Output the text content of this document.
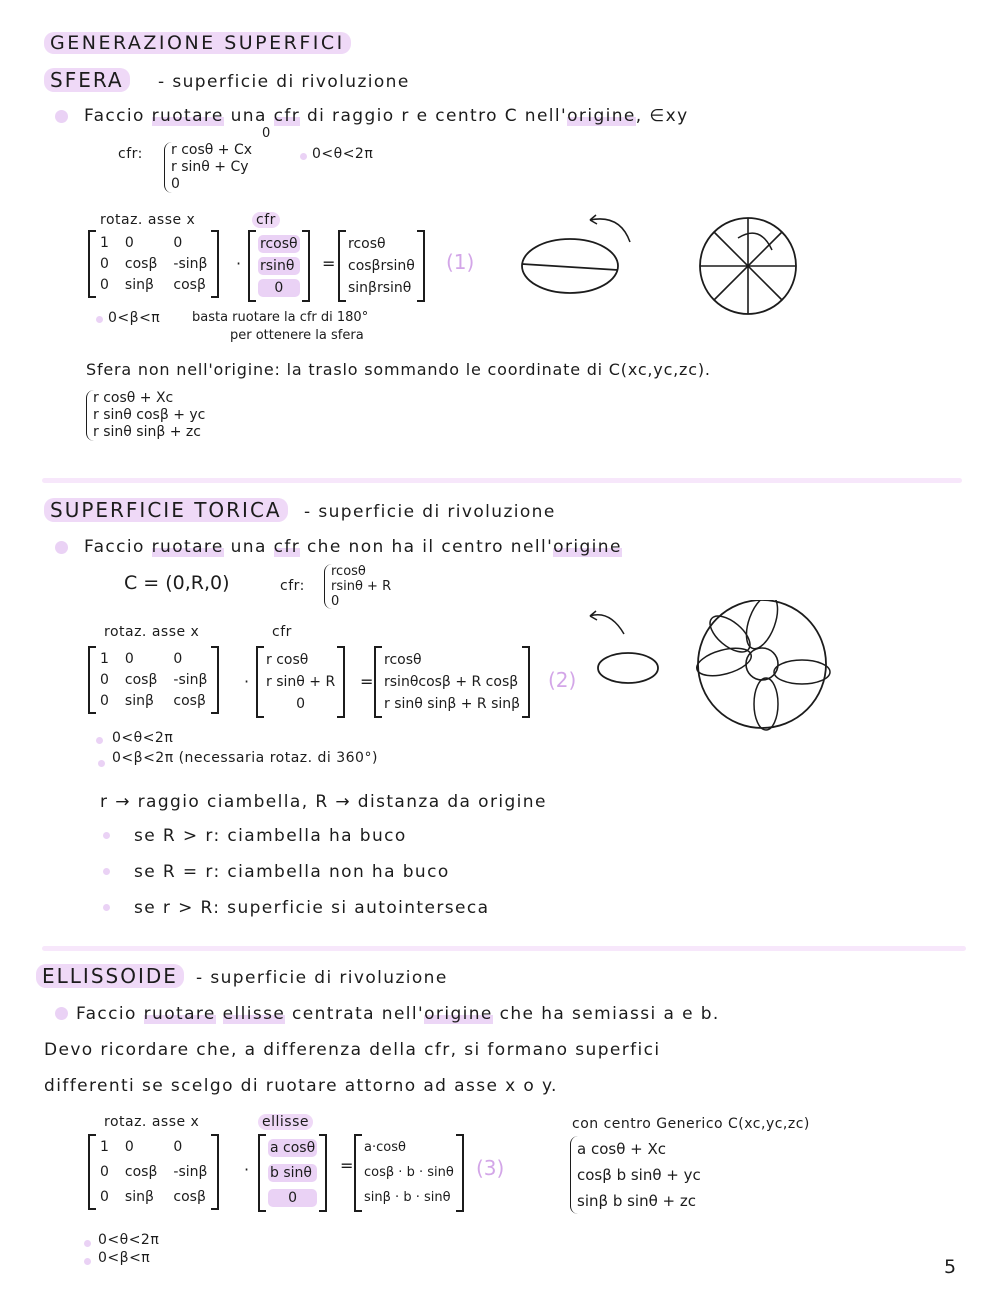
GENERAZIONE SUPERFICI
SFERA	- superficie di rivoluzione
Faccio ruotare una cfr di raggio r e centro C nell'origine, ∈xy
cfr: r cosθ + Cx
r sinθ + Cy
0
0
0<θ<2π
rotaz. asse x	cfr
1 0	0
0 cosβ -sinβ
0 sinβ cosβ
·
rcosθ
rsinθ
0
=
rcosθ
cosβrsinθ
sinβrsinθ
(1)
0<β<π basta ruotare la cfr di 180°
per ottenere la sfera
Sfera non nell'origine: la traslo sommando le coordinate di C(xc,yc,zc).
r cosθ + Xc
r sinθ cosβ + yc
r sinθ sinβ + zc
SUPERFICIE TORICA	- superficie di rivoluzione
Faccio ruotare una cfr che non ha il centro nell'origine
C = (0,R,0)	cfr:
rcosθ
rsinθ + R
0
rotaz. asse x	cfr
1 0	0
0 cosβ -sinβ
0 sinβ cosβ
·
r cosθ
r sinθ + R
0
=
rcosθ
rsinθcosβ + R cosβ
r sinθ sinβ + R sinβ
(2)
0<θ<2π
0<β<2π (necessaria rotaz. di 360°)
r → raggio ciambella, R → distanza da origine
se R > r: ciambella ha buco
se R = r: ciambella non ha buco
se r > R: superficie si autointerseca
ELLISSOIDE	- superficie di rivoluzione
Faccio ruotare ellisse centrata nell'origine che ha semiassi a e b.
Devo ricordare che, a differenza della cfr, si formano superfici
differenti se scelgo di ruotare attorno ad asse x o y.
rotaz. asse x	ellisse
1 0	0
0 cosβ -sinβ
0 sinβ cosβ
·
a cosθ
b sinθ
0
=
a·cosθ
cosβ · b · sinθ
sinβ · b · sinθ
(3)
con centro Generico C(xc,yc,zc)
a cosθ + Xc
cosβ b sinθ + yc
sinβ b sinθ + zc
0<θ<2π
0<β<π	5
